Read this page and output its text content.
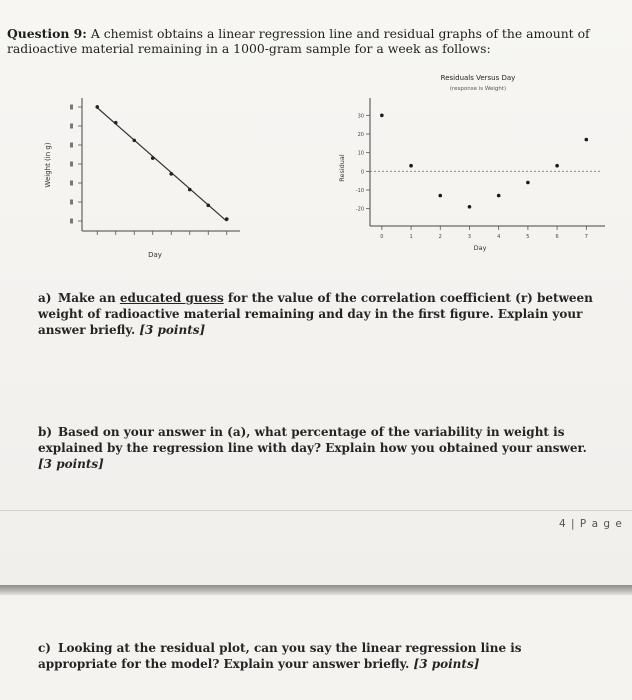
Question 9: A chemist obtains a linear regression line and residual graphs of the amount of radioactive material remaining in a 1000-gram sample for a week as follows:
Weight (in g)
Day
Residuals Versus Day
(response is Weight)
30
20
10
0
-10
-20
0	1	2	3	4	5	6	7
Residual
Day
a) Make an educated guess for the value of the correlation coefficient (r) between weight of radioactive material remaining and day in the first figure. Explain your answer briefly. [3 points]
b) Based on your answer in (a), what percentage of the variability in weight is explained by the regression line with day? Explain how you obtained your answer. [3 points]
4 | P a g e
c) Looking at the residual plot, can you say the linear regression line is appropriate for the model? Explain your answer briefly. [3 points]
